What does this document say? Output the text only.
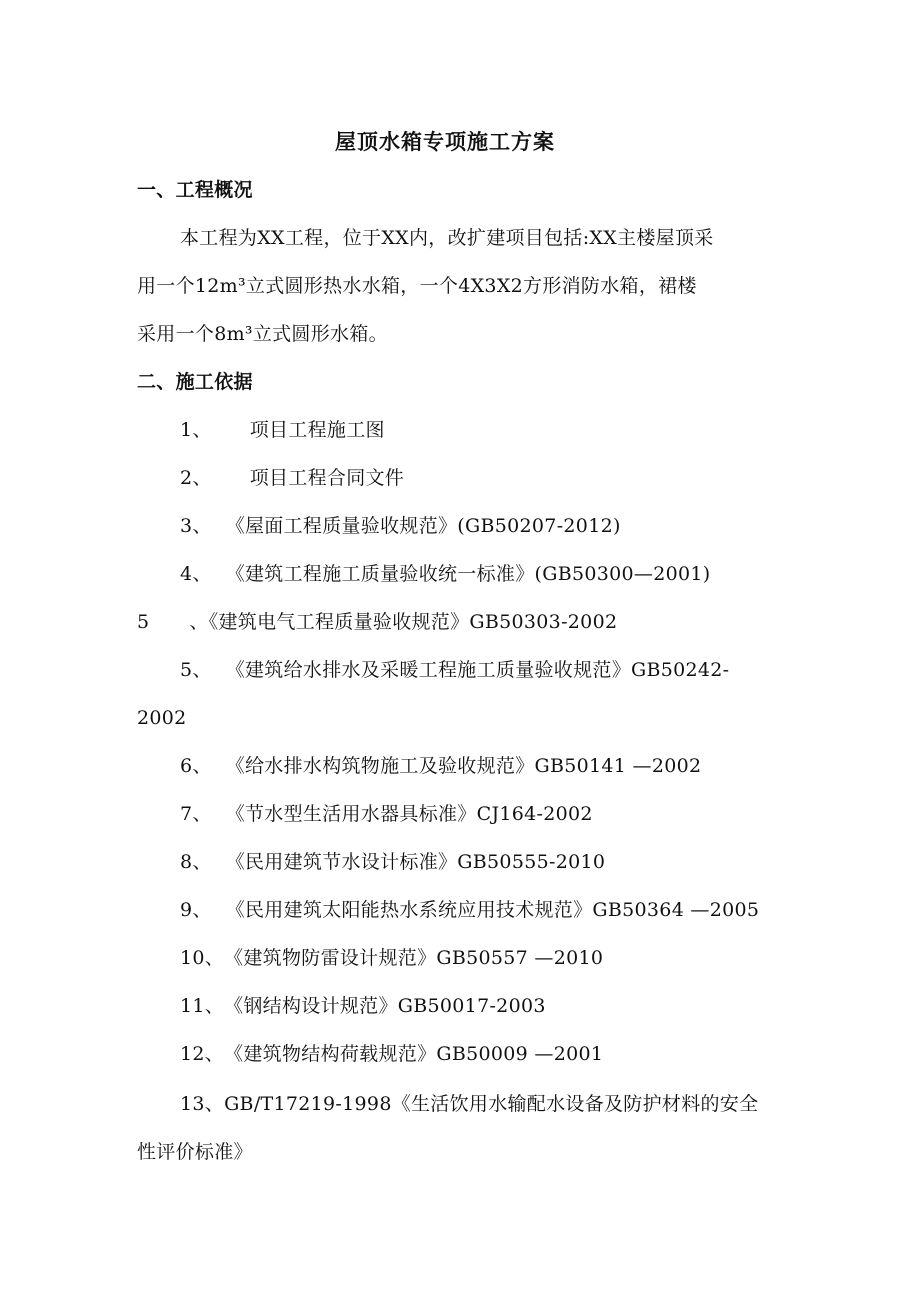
屋顶水箱专项施工方案
一、工程概况
本工程为XX工程，位于XX内，改扩建项目包括:XX主楼屋顶采
用一个12m³立式圆形热水水箱，一个4X3X2方形消防水箱，裙楼
采用一个8m³立式圆形水箱。
二、施工依据
1、 项目工程施工图
2、 项目工程合同文件
3、 《屋面工程质量验收规范》(GB50207-2012)
4、 《建筑工程施工质量验收统一标准》(GB50300—2001)
5 、《建筑电气工程质量验收规范》GB50303-2002
5、 《建筑给水排水及采暖工程施工质量验收规范》GB50242-
2002
6、 《给水排水构筑物施工及验收规范》GB50141 —2002
7、 《节水型生活用水器具标准》CJ164-2002
8、 《民用建筑节水设计标准》GB50555-2010
9、 《民用建筑太阳能热水系统应用技术规范》GB50364 —2005
10、《建筑物防雷设计规范》GB50557 —2010
11、《钢结构设计规范》GB50017-2003
12、《建筑物结构荷载规范》GB50009 —2001
13、GB/T17219-1998《生活饮用水输配水设备及防护材料的安全
性评价标准》
